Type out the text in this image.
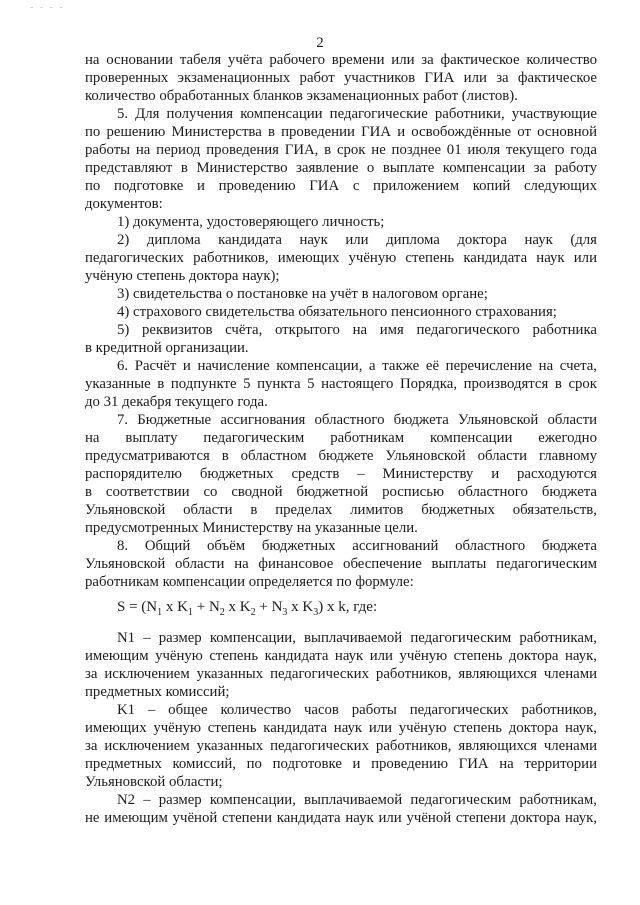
- - - -
2
на основании табеля учёта рабочего времени или за фактическое количество
проверенных экзаменационных работ участников ГИА или за фактическое
количество обработанных бланков экзаменационных работ (листов).
5. Для получения компенсации педагогические работники, участвующие
по решению Министерства в проведении ГИА и освобождённые от основной
работы на период проведения ГИА, в срок не позднее 01 июля текущего года
представляют в Министерство заявление о выплате компенсации за работу
по подготовке и проведению ГИА с приложением копий следующих
документов:
1) документа, удостоверяющего личность;
2) диплома кандидата наук или диплома доктора наук (для
педагогических работников, имеющих учёную степень кандидата наук или
учёную степень доктора наук);
3) свидетельства о постановке на учёт в налоговом органе;
4) страхового свидетельства обязательного пенсионного страхования;
5) реквизитов счёта, открытого на имя педагогического работника
в кредитной организации.
6. Расчёт и начисление компенсации, а также её перечисление на счета,
указанные в подпункте 5 пункта 5 настоящего Порядка, производятся в срок
до 31 декабря текущего года.
7. Бюджетные ассигнования областного бюджета Ульяновской области
на выплату педагогическим работникам компенсации ежегодно
предусматриваются в областном бюджете Ульяновской области главному
распорядителю бюджетных средств – Министерству и расходуются
в соответствии со сводной бюджетной росписью областного бюджета
Ульяновской области в пределах лимитов бюджетных обязательств,
предусмотренных Министерству на указанные цели.
8. Общий объём бюджетных ассигнований областного бюджета
Ульяновской области на финансовое обеспечение выплаты педагогическим
работникам компенсации определяется по формуле:
$S = (N_1$ x $K_1 + N_2$ x $K_2 + N_3$ x $K_3$) x k, где:
N1 – размер компенсации, выплачиваемой педагогическим работникам,
имеющим учёную степень кандидата наук или учёную степень доктора наук,
за исключением указанных педагогических работников, являющихся членами
предметных комиссий;
K1 – общее количество часов работы педагогических работников,
имеющих учёную степень кандидата наук или учёную степень доктора наук,
за исключением указанных педагогических работников, являющихся членами
предметных комиссий, по подготовке и проведению ГИА на территории
Ульяновской области;
N2 – размер компенсации, выплачиваемой педагогическим работникам,
не имеющим учёной степени кандидата наук или учёной степени доктора наук,
